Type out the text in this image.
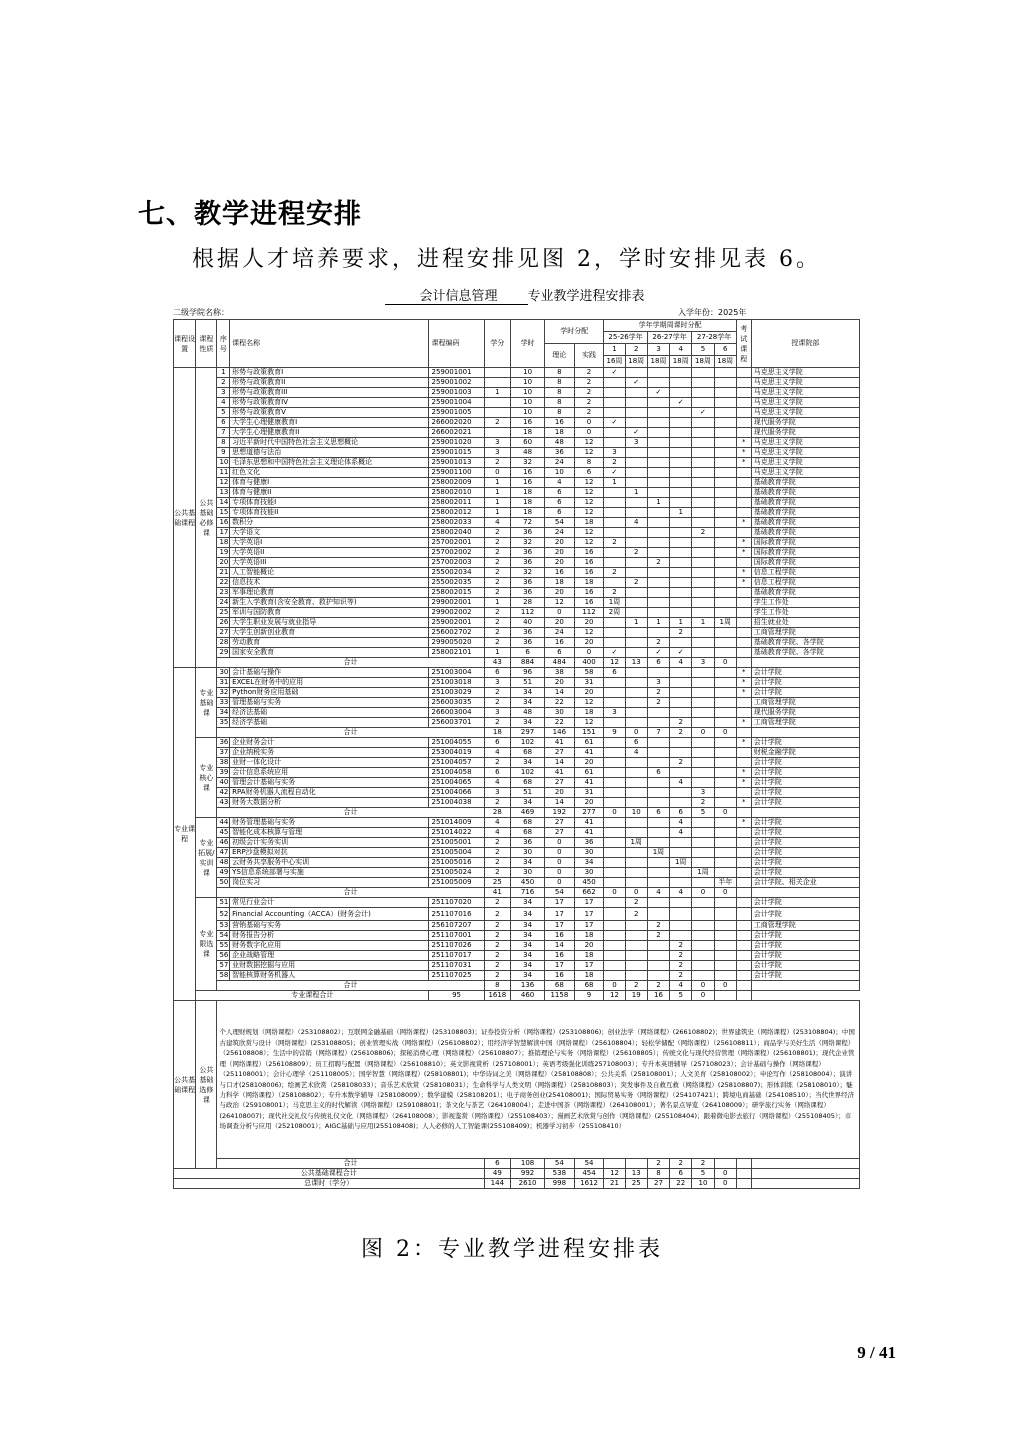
七、教学进程安排
根据人才培养要求，进程安排见图 2，学时安排见表 6。
会计信息管理 专业教学进程安排表
二级学院名称：	入学年份：2025年
课程设置	课程性质	序号	课程名称	课程编码	学分	学时	学时分配		学年学期周课时分配						考试课程	授课院部
									25-26学年		26-27学年		27-28学年			
							理论	实践	1	2	3	4	5	6		
									16周	18周	18周	18周	18周	18周		
公共基础课程	公共基础必修课	1	形势与政策教育I	259001001		10	8	2	✓							马克思主义学院
		2	形势与政策教育II	259001002		10	8	2		✓						马克思主义学院
		3	形势与政策教育III	259001003	1	10	8	2			✓					马克思主义学院
		4	形势与政策教育IV	259001004		10	8	2				✓				马克思主义学院
		5	形势与政策教育V	259001005		10	8	2					✓			马克思主义学院
		6	大学生心理健康教育I	266002020	2	16	16	0	✓							现代服务学院
		7	大学生心理健康教育II	266002021		18	18	0		✓						现代服务学院
		8	习近平新时代中国特色社会主义思想概论	259001020	3	60	48	12		3					*	马克思主义学院
		9	思想道德与法治	259001015	3	48	36	12	3						*	马克思主义学院
		10	毛泽东思想和中国特色社会主义理论体系概论	259001013	2	32	24	8	2						*	马克思主义学院
		11	红色文化	259001100	0	16	10	6	✓							马克思主义学院
		12	体育与健康I	258002009	1	16	4	12	1							基础教育学院
		13	体育与健康II	258002010	1	18	6	12		1						基础教育学院
		14	专项体育技能I	258002011	1	18	6	12			1					基础教育学院
		15	专项体育技能II	258002012	1	18	6	12				1				基础教育学院
		16	数积分	258002033	4	72	54	18		4					*	基础教育学院
		17	大学语文	258002040	2	36	24	12					2			基础教育学院
		18	大学英语I	257002001	2	32	20	12	2						*	国际教育学院
		19	大学英语II	257002002	2	36	20	16		2					*	国际教育学院
		20	大学英语III	257002003	2	36	20	16			2					国际教育学院
		21	人工智能概论	255002034	2	32	16	16	2						*	信息工程学院
		22	信息技术	255002035	2	36	18	18		2					*	信息工程学院
		23	军事理论教育	258002015	2	36	20	16	2							基础教育学院
		24	新生入学教育(含安全教育、救护知识等)	299002001	1	28	12	16	1周							学生工作处
		25	军训与国防教育	299002002	2	112	0	112	2周							学生工作处
		26	大学生职业发展与就业指导	259002001	2	40	20	20		1	1	1	1	1周		招生就业处
		27	大学生创新创业教育	256002702	2	36	24	12				2				工商管理学院
		28	劳动教育	299005020	2	36	16	20			2					基础教育学院、各学院
		29	国家安全教育	258002101	1	6	6	0	✓		✓	✓				基础教育学院、各学院
		合计			43	884	484	400	12	13	6	4	3	0		
专业课程	专业基础课	30	会计基础与操作	251003004	6	96	38	58	6						*	会计学院
		31	EXCEL在财务中的应用	251003018	3	51	20	31			3				*	会计学院
		32	Python财务应用基础	251003029	2	34	14	20			2				*	会计学院
		33	管理基础与实务	256003035	2	34	22	12			2					工商管理学院
		34	经济法基础	266003004	3	48	30	18	3							现代服务学院
		35	经济学基础	256003701	2	34	22	12				2			*	工商管理学院
		合计			18	297	146	151	9	0	7	2	0	0		
	专业核心课	36	企业财务会计	251004055	6	102	41	61		6					*	会计学院
		37	企业纳税实务	253004019	4	68	27	41		4						财税金融学院
		38	业财一体化设计	251004057	2	34	14	20				2				会计学院
		39	会计信息系统应用	251004058	6	102	41	61			6				*	会计学院
		40	管理会计基础与实务	251004065	4	68	27	41				4			*	会计学院
		42	RPA财务机器人流程自动化	251004066	3	51	20	31					3			会计学院
		43	财务大数据分析	251004038	2	34	14	20					2		*	会计学院
		合计			28	469	192	277	0	10	6	6	5	0		
	专业拓展/实训课	44	财务管理基础与实务	251014009	4	68	27	41				4			*	会计学院
		45	智能化成本核算与管理	251014022	4	68	27	41				4				会计学院
		46	初级会计实务实训	251005001	2	36	0	36		1周						会计学院
		47	ERP沙盘模拟对抗	251005004	2	30	0	30			1周					会计学院
		48	云财务共享服务中心实训	251005016	2	34	0	34				1周				会计学院
		49	YS信息系统部署与实施	251005024	2	30	0	30					1周			会计学院
		50	岗位实习	251005009	25	450	0	450						半年		会计学院、相关企业
		合计			41	716	54	662	0	0	4	4	0	0		
	专业限选课	51	常见行业会计	251107020	2	34	17	17		2						会计学院
		52	Financial Accounting（ACCA）(财务会计)	251107016	2	34	17	17		2						会计学院
		53	营销基础与实务	256107207	2	34	17	17			2					工商管理学院
		54	财务报告分析	251107001	2	34	16	18			2					会计学院
		55	财务数字化应用	251107026	2	34	14	20				2				会计学院
		56	企业战略管理	251107017	2	34	16	18				2				会计学院
		57	业财数据挖掘与应用	251107031	2	34	17	17				2				会计学院
		58	智能核算财务机器人	251107025	2	34	16	18				2				会计学院
		合计			8	136	68	68	0	2	2	4	0	0		
	专业课程合计			95	1618	460	1158	9	12	19	16	5	0			
公共基础课程	公共基础选修课	个人理财规划（网络课程）（253108802）；互联网金融基础（网络课程）(253108803)；证券投资分析（网络课程）(253108806)；创业法学（网络课程）(266108802)；世界建筑史（网络课程）(253108804)；中国古建筑欣赏与设计（网络课程）(253108805)；创业管理实战（网络课程）（256108802）；用经济学智慧解读中国（网络课程）（256108804）；轻松学储配（网络课程）（256108811）；商品学与美好生活（网络课程）（256108808）；生活中的营销（网络课程）(256108806)；探秘消费心理（网络课程）（256108807）；推销理论与实务（网络课程）（256108805）；传统文化与现代经营管理（网络课程）(256108801)；现代企业管理（网络课程）（256108809）；员工招聘与配置（网络课程）（256108810）；英文影视赏析（257108001）；英语考级强化训练257108003）；专升本英语辅导（257108023）；会计基础与操作（网络课程）（251108001）；会计心理学（251108005）；国学智慧（网络课程）(258108801)；中华诗词之美（网络课程）（258108808）；公共关系（258108001）；人文美育（258108002）；申论写作（258108004）；演讲与口才(258108006)；绘画艺术欣赏（258108033）；音乐艺术欣赏（258108031）；生命科学与人类文明（网络课程）（258108803）；突发事件及自救互救（网络课程）(258108807)；形体训练（258108010）；魅力科学（网络课程）（258108802）；专升本数学辅导（258108009）；数学建模（258108201）；电子商务创业(254108001)；国际贸易实务（网络课程）（254107421）；跨境电商基础（254108510）；当代世界经济与政治（259108001）；马克思主义的时代解读（网络课程）(259108801)；茶文化与茶艺（264108004）；走进中国茶（网络课程）（264108001）；著名景点导览（264108009）；研学旅行实务（网络课程）(264108007)；现代社交礼仪与传统礼仪文化（网络课程）（264108008）；影视鉴赏（网络课程）（255108403）；漫画艺术欣赏与创作（网络课程）(255108404)；跟着微电影去旅行（网络课程）（255108405）；市场调查分析与应用（252108001）；AIGC基础与应用(255108408)；人人必修的人工智能课(255108409)；机器学习初步（255108410）														
		合计			6	108	54	54			2	2	2			
公共基础课程合计					49	992	538	454	12	13	8	6	5	0		
总课时（学分）					144	2610	998	1612	21	25	27	22	10	0		
图 2：专业教学进程安排表
9 / 41
